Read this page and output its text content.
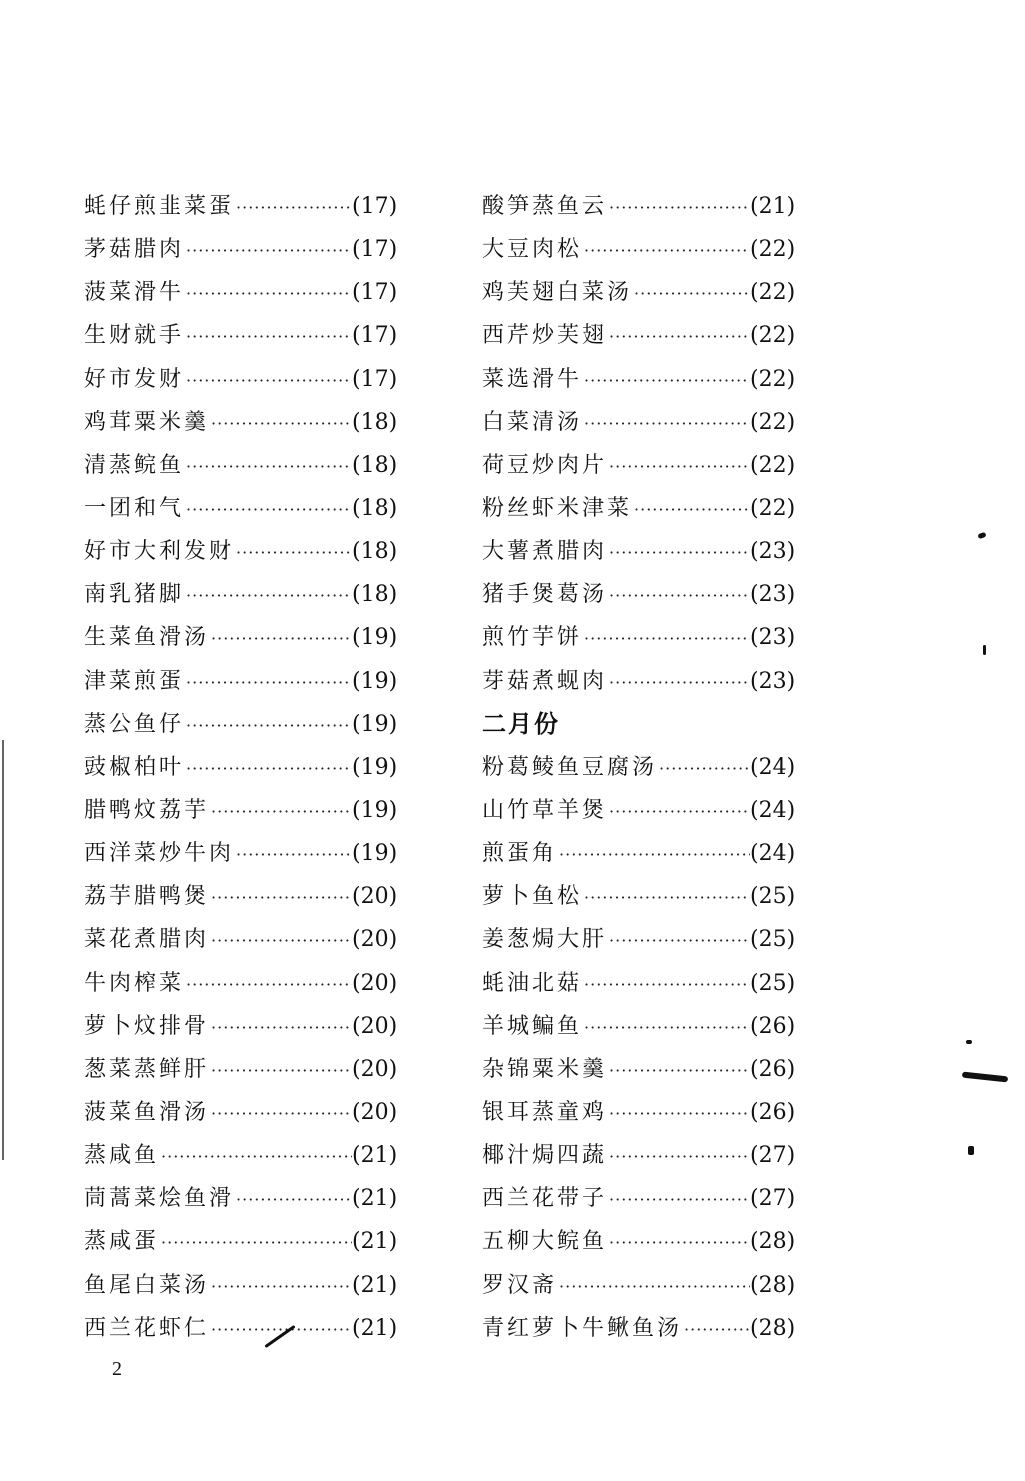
蚝仔煎韭菜蛋 ·····	(17)
茅菇腊肉 ·····	(17)
菠菜滑牛 ·····	(17)
生财就手 ·····	(17)
好市发财 ·····	(17)
鸡茸粟米羹 ·····	(18)
清蒸鲩鱼 ·····	(18)
一团和气 ·····	(18)
好市大利发财 ·····	(18)
南乳猪脚 ·····	(18)
生菜鱼滑汤 ·····	(19)
津菜煎蛋 ·····	(19)
蒸公鱼仔 ·····	(19)
豉椒柏叶 ·····	(19)
腊鸭炆荔芋 ·····	(19)
西洋菜炒牛肉 ·····	(19)
荔芋腊鸭煲 ·····	(20)
菜花煮腊肉 ·····	(20)
牛肉榨菜 ·····	(20)
萝卜炆排骨 ·····	(20)
葱菜蒸鲜肝 ·····	(20)
菠菜鱼滑汤 ·····	(20)
蒸咸鱼 ·····	(21)
茼蒿菜烩鱼滑 ·····	(21)
蒸咸蛋 ·····	(21)
鱼尾白菜汤 ·····	(21)
西兰花虾仁 ·····	(21)
酸笋蒸鱼云 ·····	(21)
大豆肉松 ·····	(22)
鸡芙翅白菜汤 ·····	(22)
西芹炒芙翅 ·····	(22)
菜选滑牛 ·····	(22)
白菜清汤 ·····	(22)
荷豆炒肉片 ·····	(22)
粉丝虾米津菜 ·····	(22)
大薯煮腊肉 ·····	(23)
猪手煲葛汤 ·····	(23)
煎竹芋饼 ·····	(23)
芽菇煮蚬肉 ·····	(23)
二月份
粉葛鲮鱼豆腐汤 ·····	(24)
山竹草羊煲 ·····	(24)
煎蛋角 ·····	(24)
萝卜鱼松 ·····	(25)
姜葱焗大肝 ·····	(25)
蚝油北菇 ·····	(25)
羊城鳊鱼 ·····	(26)
杂锦粟米羹 ·····	(26)
银耳蒸童鸡 ·····	(26)
椰汁焗四蔬 ·····	(27)
西兰花带子 ·····	(27)
五柳大鲩鱼 ·····	(28)
罗汉斋 ·····	(28)
青红萝卜牛鳅鱼汤 ·····	(28)
2
